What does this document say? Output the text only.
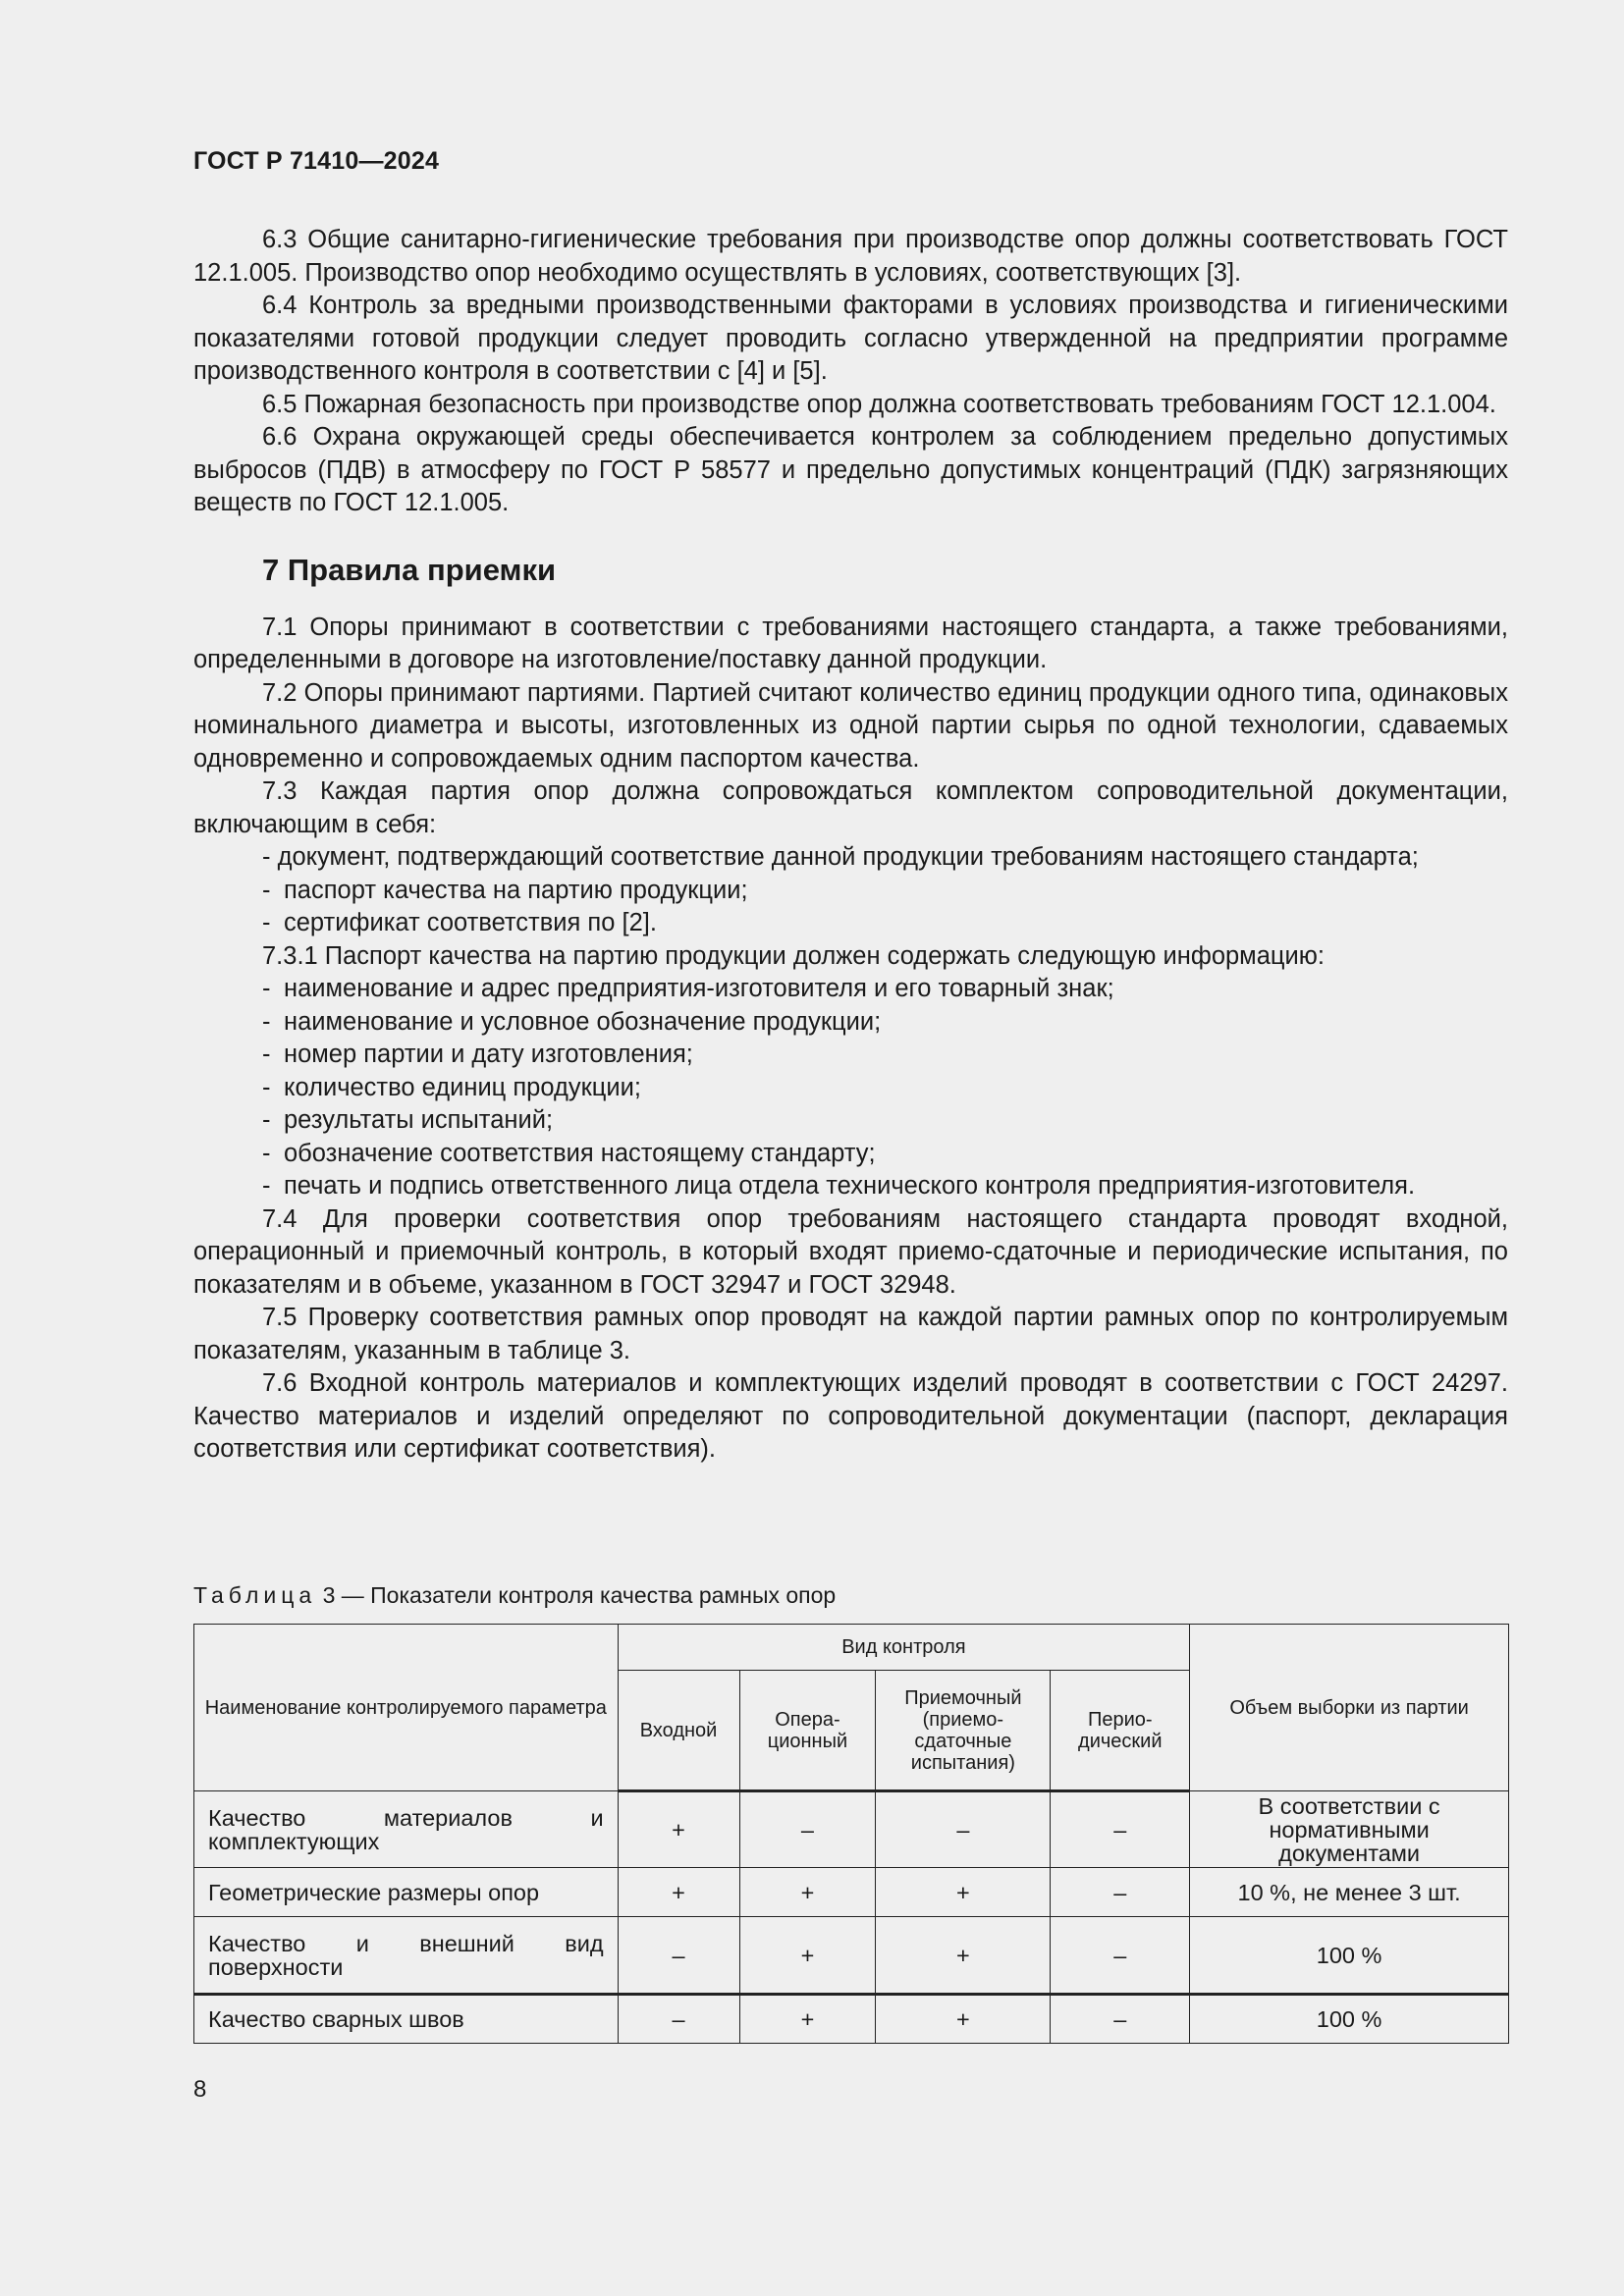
ГОСТ Р 71410—2024

6.3 Общие санитарно-гигиенические требования при производстве опор должны соответствовать ГОСТ 12.1.005. Производство опор необходимо осуществлять в условиях, соответствующих [3].

6.4 Контроль за вредными производственными факторами в условиях производства и гигиеническими показателями готовой продукции следует проводить согласно утвержденной на предприятии программе производственного контроля в соответствии с [4] и [5].

6.5 Пожарная безопасность при производстве опор должна соответствовать требованиям ГОСТ 12.1.004.

6.6 Охрана окружающей среды обеспечивается контролем за соблюдением предельно допустимых выбросов (ПДВ) в атмосферу по ГОСТ Р 58577 и предельно допустимых концентраций (ПДК) загрязняющих веществ по ГОСТ 12.1.005.

7 Правила приемки

7.1 Опоры принимают в соответствии с требованиями настоящего стандарта, а также требованиями, определенными в договоре на изготовление/поставку данной продукции.

7.2 Опоры принимают партиями. Партией считают количество единиц продукции одного типа, одинаковых номинального диаметра и высоты, изготовленных из одной партии сырья по одной технологии, сдаваемых одновременно и сопровождаемых одним паспортом качества.

7.3 Каждая партия опор должна сопровождаться комплектом сопроводительной документации, включающим в себя:

- документ, подтверждающий соответствие данной продукции требованиям настоящего стандарта;

- паспорт качества на партию продукции;

- сертификат соответствия по [2].

7.3.1 Паспорт качества на партию продукции должен содержать следующую информацию:

- наименование и адрес предприятия-изготовителя и его товарный знак;

- наименование и условное обозначение продукции;

- номер партии и дату изготовления;

- количество единиц продукции;

- результаты испытаний;

- обозначение соответствия настоящему стандарту;

- печать и подпись ответственного лица отдела технического контроля предприятия-изготовителя.

7.4 Для проверки соответствия опор требованиям настоящего стандарта проводят входной, операционный и приемочный контроль, в который входят приемо-сдаточные и периодические испытания, по показателям и в объеме, указанном в ГОСТ 32947 и ГОСТ 32948.

7.5 Проверку соответствия рамных опор проводят на каждой партии рамных опор по контролируемым показателям, указанным в таблице 3.

7.6 Входной контроль материалов и комплектующих изделий проводят в соответствии с ГОСТ 24297. Качество материалов и изделий определяют по сопроводительной документации (паспорт, декларация соответствия или сертификат соответствия).

Таблица 3 — Показатели контроля качества рамных опор
Наименование контролируемого параметра	Вид контроля				Объем выборки из партии
	Входной	Опера-ционный	Приемочный (приемо-сдаточные испытания)	Перио-дический	
Качество материалов и комплектующих	+	–	–	–	В соответствии с нормативными документами
Геометрические размеры опор	+	+	+	–	10 %, не менее 3 шт.
Качество и внешний вид поверхности	–	+	+	–	100 %
Качество сварных швов	–	+	+	–	100 %
8
